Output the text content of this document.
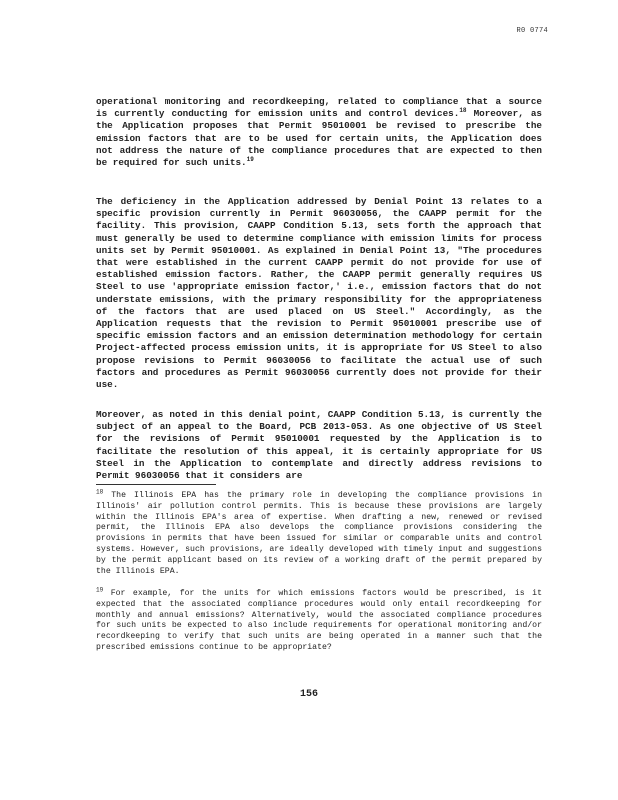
R0 0774

operational monitoring and recordkeeping, related to compliance that a source is currently conducting for emission units and control devices.$^{18}$ Moreover, as the Application proposes that Permit 95010001 be revised to prescribe the emission factors that are to be used for certain units, the Application does not address the nature of the compliance procedures that are expected to then be required for such units.$^{19}$

The deficiency in the Application addressed by Denial Point 13 relates to a specific provision currently in Permit 96030056, the CAAPP permit for the facility. This provision, CAAPP Condition 5.13, sets forth the approach that must generally be used to determine compliance with emission limits for process units set by Permit 95010001. As explained in Denial Point 13, "The procedures that were established in the current CAAPP permit do not provide for use of established emission factors. Rather, the CAAPP permit generally requires US Steel to use 'appropriate emission factor,' i.e., emission factors that do not understate emissions, with the primary responsibility for the appropriateness of the factors that are used placed on US Steel." Accordingly, as the Application requests that the revision to Permit 95010001 prescribe use of specific emission factors and an emission determination methodology for certain Project-affected process emission units, it is appropriate for US Steel to also propose revisions to Permit 96030056 to facilitate the actual use of such factors and procedures as Permit 96030056 currently does not provide for their use.

Moreover, as noted in this denial point, CAAPP Condition 5.13, is currently the subject of an appeal to the Board, PCB 2013-053. As one objective of US Steel for the revisions of Permit 95010001 requested by the Application is to facilitate the resolution of this appeal, it is certainly appropriate for US Steel in the Application to contemplate and directly address revisions to Permit 96030056 that it considers are

$^{18}$ The Illinois EPA has the primary role in developing the compliance provisions in Illinois' air pollution control permits. This is because these provisions are largely within the Illinois EPA's area of expertise. When drafting a new, renewed or revised permit, the Illinois EPA also develops the compliance provisions considering the provisions in permits that have been issued for similar or comparable units and control systems. However, such provisions, are ideally developed with timely input and suggestions by the permit applicant based on its review of a working draft of the permit prepared by the Illinois EPA.

$^{19}$ For example, for the units for which emissions factors would be prescribed, is it expected that the associated compliance procedures would only entail recordkeeping for monthly and annual emissions? Alternatively, would the associated compliance procedures for such units be expected to also include requirements for operational monitoring and/or recordkeeping to verify that such units are being operated in a manner such that the prescribed emissions continue to be appropriate?

156
